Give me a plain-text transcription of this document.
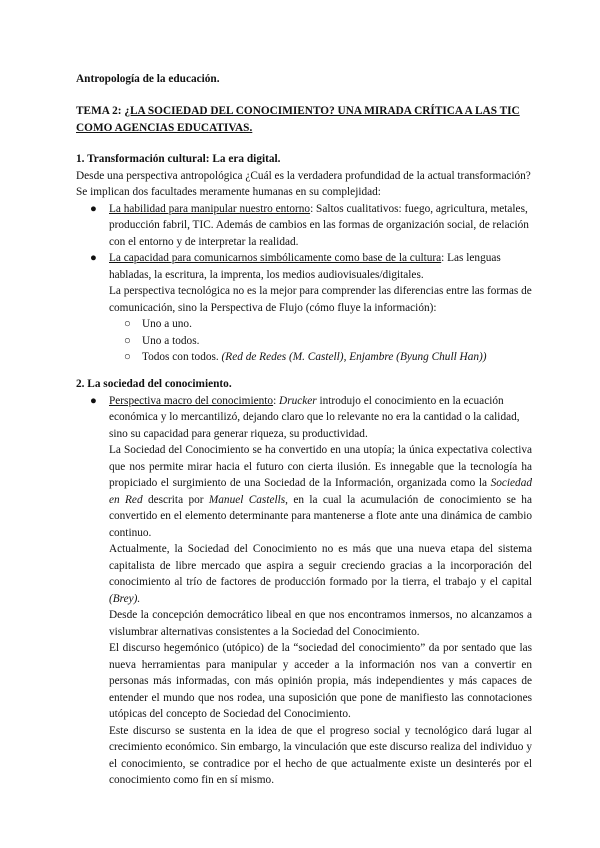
Antropología de la educación.
TEMA 2: ¿LA SOCIEDAD DEL CONOCIMIENTO? UNA MIRADA CRÍTICA A LAS TIC COMO AGENCIAS EDUCATIVAS.
1. Transformación cultural: La era digital.

Desde una perspectiva antropológica ¿Cuál es la verdadera profundidad de la actual transformación? Se implican dos facultades meramente humanas en su complejidad:

● La habilidad para manipular nuestro entorno: Saltos cualitativos: fuego, agricultura, metales, producción fabril, TIC. Además de cambios en las formas de organización social, de relación con el entorno y de interpretar la realidad.
● La capacidad para comunicarnos simbólicamente como base de la cultura: Las lenguas habladas, la escritura, la imprenta, los medios audiovisuales/digitales.
La perspectiva tecnológica no es la mejor para comprender las diferencias entre las formas de comunicación, sino la Perspectiva de Flujo (cómo fluye la información):
○ Uno a uno.
○ Uno a todos.
○ Todos con todos. (Red de Redes (M. Castell), Enjambre (Byung Chull Han))
2. La sociedad del conocimiento.
● Perspectiva macro del conocimiento: Drucker introdujo el conocimiento en la ecuación económica y lo mercantilizó, dejando claro que lo relevante no era la cantidad o la calidad, sino su capacidad para generar riqueza, su productividad.
La Sociedad del Conocimiento se ha convertido en una utopía; la única expectativa colectiva que nos permite mirar hacia el futuro con cierta ilusión. Es innegable que la tecnología ha propiciado el surgimiento de una Sociedad de la Información, organizada como la Sociedad en Red descrita por Manuel Castells, en la cual la acumulación de conocimiento se ha convertido en el elemento determinante para mantenerse a flote ante una dinámica de cambio continuo.
Actualmente, la Sociedad del Conocimiento no es más que una nueva etapa del sistema capitalista de libre mercado que aspira a seguir creciendo gracias a la incorporación del conocimiento al trío de factores de producción formado por la tierra, el trabajo y el capital (Brey).
Desde la concepción democrático libeal en que nos encontramos inmersos, no alcanzamos a vislumbrar alternativas consistentes a la Sociedad del Conocimiento.
El discurso hegemónico (utópico) de la “sociedad del conocimiento” da por sentado que las nueva herramientas para manipular y acceder a la información nos van a convertir en personas más informadas, con más opinión propia, más independientes y más capaces de entender el mundo que nos rodea, una suposición que pone de manifiesto las connotaciones utópicas del concepto de Sociedad del Conocimiento.
Este discurso se sustenta en la idea de que el progreso social y tecnológico dará lugar al crecimiento económico. Sin embargo, la vinculación que este discurso realiza del individuo y el conocimiento, se contradice por el hecho de que actualmente existe un desinterés por el conocimiento como fin en sí mismo.
